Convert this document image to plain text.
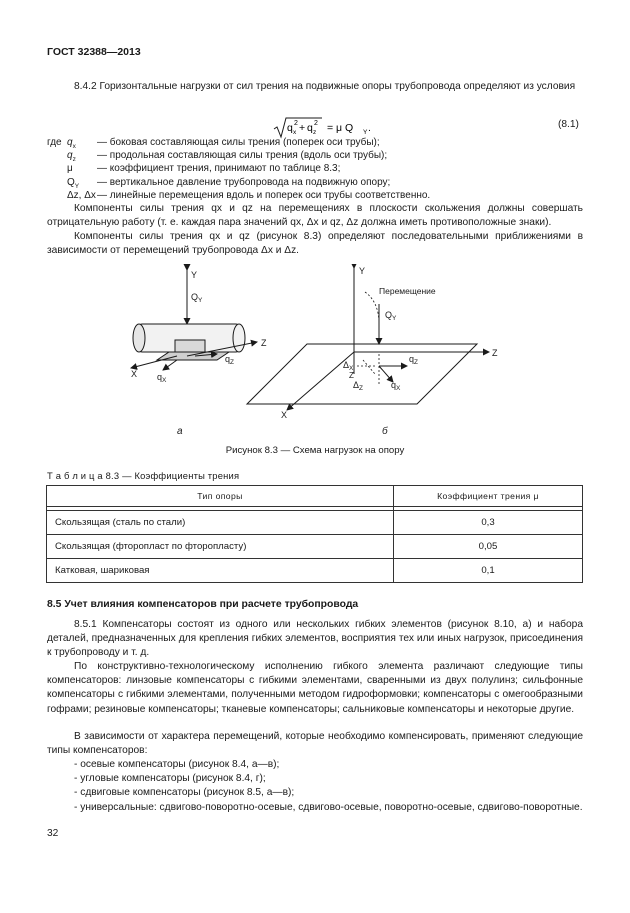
ГОСТ 32388—2013
8.4.2 Горизонтальные нагрузки от сил трения на подвижные опоры трубопровода определяют из условия
q 2
x + q 2
z = μ Q Y .	(8.1)
где $q_x$ — боковая составляющая силы трения (поперек оси трубы);
$q_z$ — продольная составляющая силы трения (вдоль оси трубы);
μ — коэффициент трения, принимают по таблице 8.3;
$Q_Y$ — вертикальное давление трубопровода на подвижную опору;
Δz, Δx — линейные перемещения вдоль и поперек оси трубы соответственно.
Компоненты силы трения qx и qz на перемещениях в плоскости скольжения должны совершать отрицательную работу (т. е. каждая пара значений qx, Δx и qz, Δz должна иметь противоположные знаки).
Компоненты силы трения qx и qz (рисунок 8.3) определяют последовательными приближениями в зависимости от перемещений трубопровода Δx и Δz.
Y
$Q_Y$
Z
$q_Z$
X $q_X$
а
Y
Перемещение
$Q_Y$
$\Delta_X$
Z
$\Delta_Z$
$q_Z$
$q_X$
Z
X
б
Рисунок 8.3 — Схема нагрузок на опору
Т а б л и ц а 8.3 — Коэффициенты трения
Тип опоры	Коэффициент трения μ

Скользящая (сталь по стали)	0,3
Скользящая (фторопласт по фторопласту)	0,05
Катковая, шариковая	0,1
8.5 Учет влияния компенсаторов при расчете трубопровода
8.5.1 Компенсаторы состоят из одного или нескольких гибких элементов (рисунок 8.10, а) и набора деталей, предназначенных для крепления гибких элементов, восприятия тех или иных нагрузок, присоединения к трубопроводу и т. д.
По конструктивно-технологическому исполнению гибкого элемента различают следующие типы компенсаторов: линзовые компенсаторы с гибкими элементами, сваренными из двух полулинз; сильфонные компенсаторы с гибкими элементами, полученными методом гидроформовки; компенсаторы с омегообразными гофрами; резиновые компенсаторы; тканевые компенсаторы; сальниковые компенсаторы и некоторые другие.
В зависимости от характера перемещений, которые необходимо компенсировать, применяют следующие типы компенсаторов:
- осевые компенсаторы (рисунок 8.4, а—в);
- угловые компенсаторы (рисунок 8.4, г);
- сдвиговые компенсаторы (рисунок 8.5, а—в);
- универсальные: сдвигово-поворотно-осевые, сдвигово-осевые, поворотно-осевые, сдвигово-поворотные.
32
